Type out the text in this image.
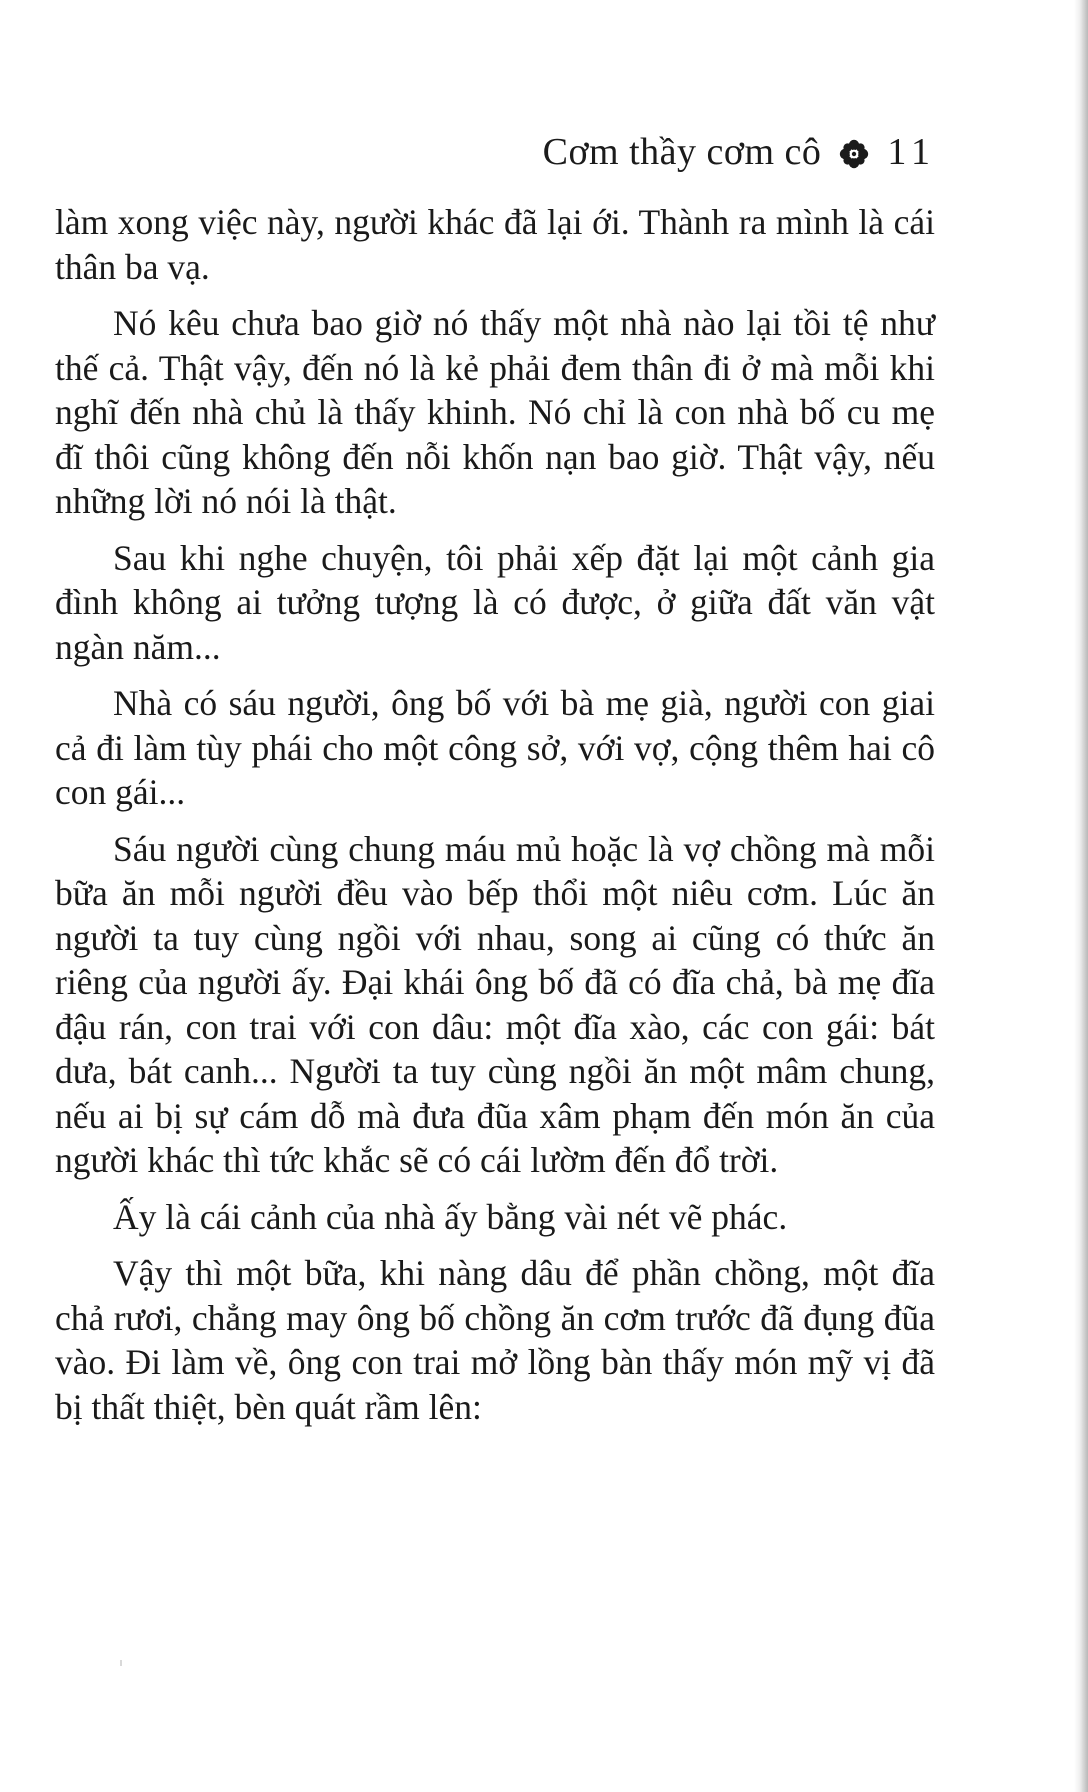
Cơm thầy cơm cô 11

làm xong việc này, người khác đã lại ới. Thành ra mình là cái thân ba vạ.

Nó kêu chưa bao giờ nó thấy một nhà nào lại tồi tệ như thế cả. Thật vậy, đến nó là kẻ phải đem thân đi ở mà mỗi khi nghĩ đến nhà chủ là thấy khinh. Nó chỉ là con nhà bố cu mẹ đĩ thôi cũng không đến nỗi khốn nạn bao giờ. Thật vậy, nếu những lời nó nói là thật.

Sau khi nghe chuyện, tôi phải xếp đặt lại một cảnh gia đình không ai tưởng tượng là có được, ở giữa đất văn vật ngàn năm...

Nhà có sáu người, ông bố với bà mẹ già, người con giai cả đi làm tùy phái cho một công sở, với vợ, cộng thêm hai cô con gái...

Sáu người cùng chung máu mủ hoặc là vợ chồng mà mỗi bữa ăn mỗi người đều vào bếp thổi một niêu cơm. Lúc ăn người ta tuy cùng ngồi với nhau, song ai cũng có thức ăn riêng của người ấy. Đại khái ông bố đã có đĩa chả, bà mẹ đĩa đậu rán, con trai với con dâu: một đĩa xào, các con gái: bát dưa, bát canh... Người ta tuy cùng ngồi ăn một mâm chung, nếu ai bị sự cám dỗ mà đưa đũa xâm phạm đến món ăn của người khác thì tức khắc sẽ có cái lườm đến đổ trời.

Ấy là cái cảnh của nhà ấy bằng vài nét vẽ phác.

Vậy thì một bữa, khi nàng dâu để phần chồng, một đĩa chả rươi, chẳng may ông bố chồng ăn cơm trước đã đụng đũa vào. Đi làm về, ông con trai mở lồng bàn thấy món mỹ vị đã bị thất thiệt, bèn quát rầm lên:
